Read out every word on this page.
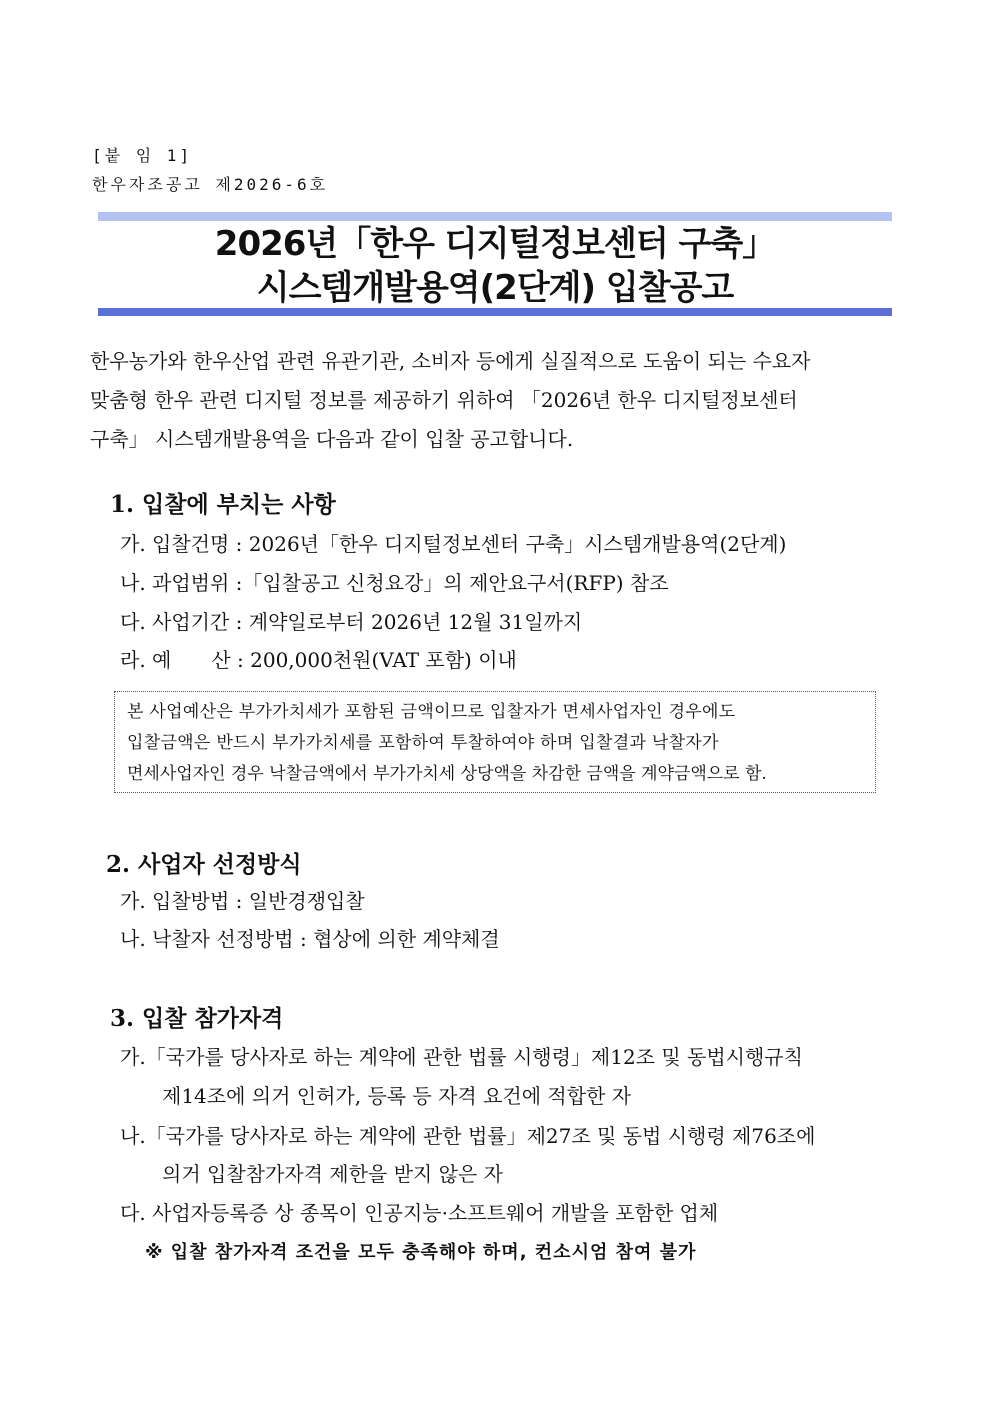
[붙 임 1]
한우자조공고 제2026-6호
2026년「한우 디지털정보센터 구축」
시스템개발용역(2단계) 입찰공고
한우농가와 한우산업 관련 유관기관, 소비자 등에게 실질적으로 도움이 되는 수요자
맞춤형 한우 관련 디지털 정보를 제공하기 위하여 「2026년 한우 디지털정보센터
구축」 시스템개발용역을 다음과 같이 입찰 공고합니다.
1. 입찰에 부치는 사항
가. 입찰건명 : 2026년「한우 디지털정보센터 구축」시스템개발용역(2단계)
나. 과업범위 :「입찰공고 신청요강」의 제안요구서(RFP) 참조
다. 사업기간 : 계약일로부터 2026년 12월 31일까지
라. 예　　산 : 200,000천원(VAT 포함) 이내
본 사업예산은 부가가치세가 포함된 금액이므로 입찰자가 면세사업자인 경우에도
입찰금액은 반드시 부가가치세를 포함하여 투찰하여야 하며 입찰결과 낙찰자가
면세사업자인 경우 낙찰금액에서 부가가치세 상당액을 차감한 금액을 계약금액으로 함.
2. 사업자 선정방식
가. 입찰방법 : 일반경쟁입찰
나. 낙찰자 선정방법 : 협상에 의한 계약체결
3. 입찰 참가자격
가.「국가를 당사자로 하는 계약에 관한 법률 시행령」제12조 및 동법시행규칙
제14조에 의거 인허가, 등록 등 자격 요건에 적합한 자
나.「국가를 당사자로 하는 계약에 관한 법률」제27조 및 동법 시행령 제76조에
의거 입찰참가자격 제한을 받지 않은 자
다. 사업자등록증 상 종목이 인공지능·소프트웨어 개발을 포함한 업체
※ 입찰 참가자격 조건을 모두 충족해야 하며, 컨소시엄 참여 불가
